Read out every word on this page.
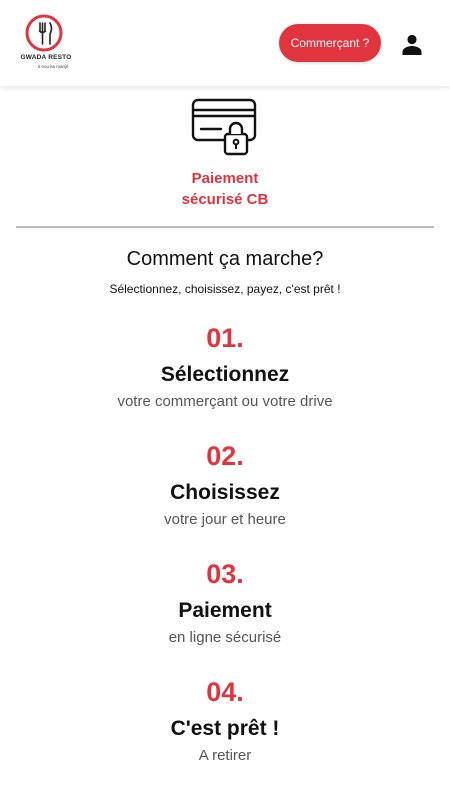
GWADA RESTO
ti nou ka manjé
Commerçant ?
Paiement
sécurisé CB
Comment ça marche?

Sélectionnez, choisissez, payez, c'est prêt !

01.
Sélectionnez
votre commerçant ou votre drive
02.
Choisissez
votre jour et heure
03.
Paiement
en ligne sécurisé
04.
C'est prêt !
A retirer
